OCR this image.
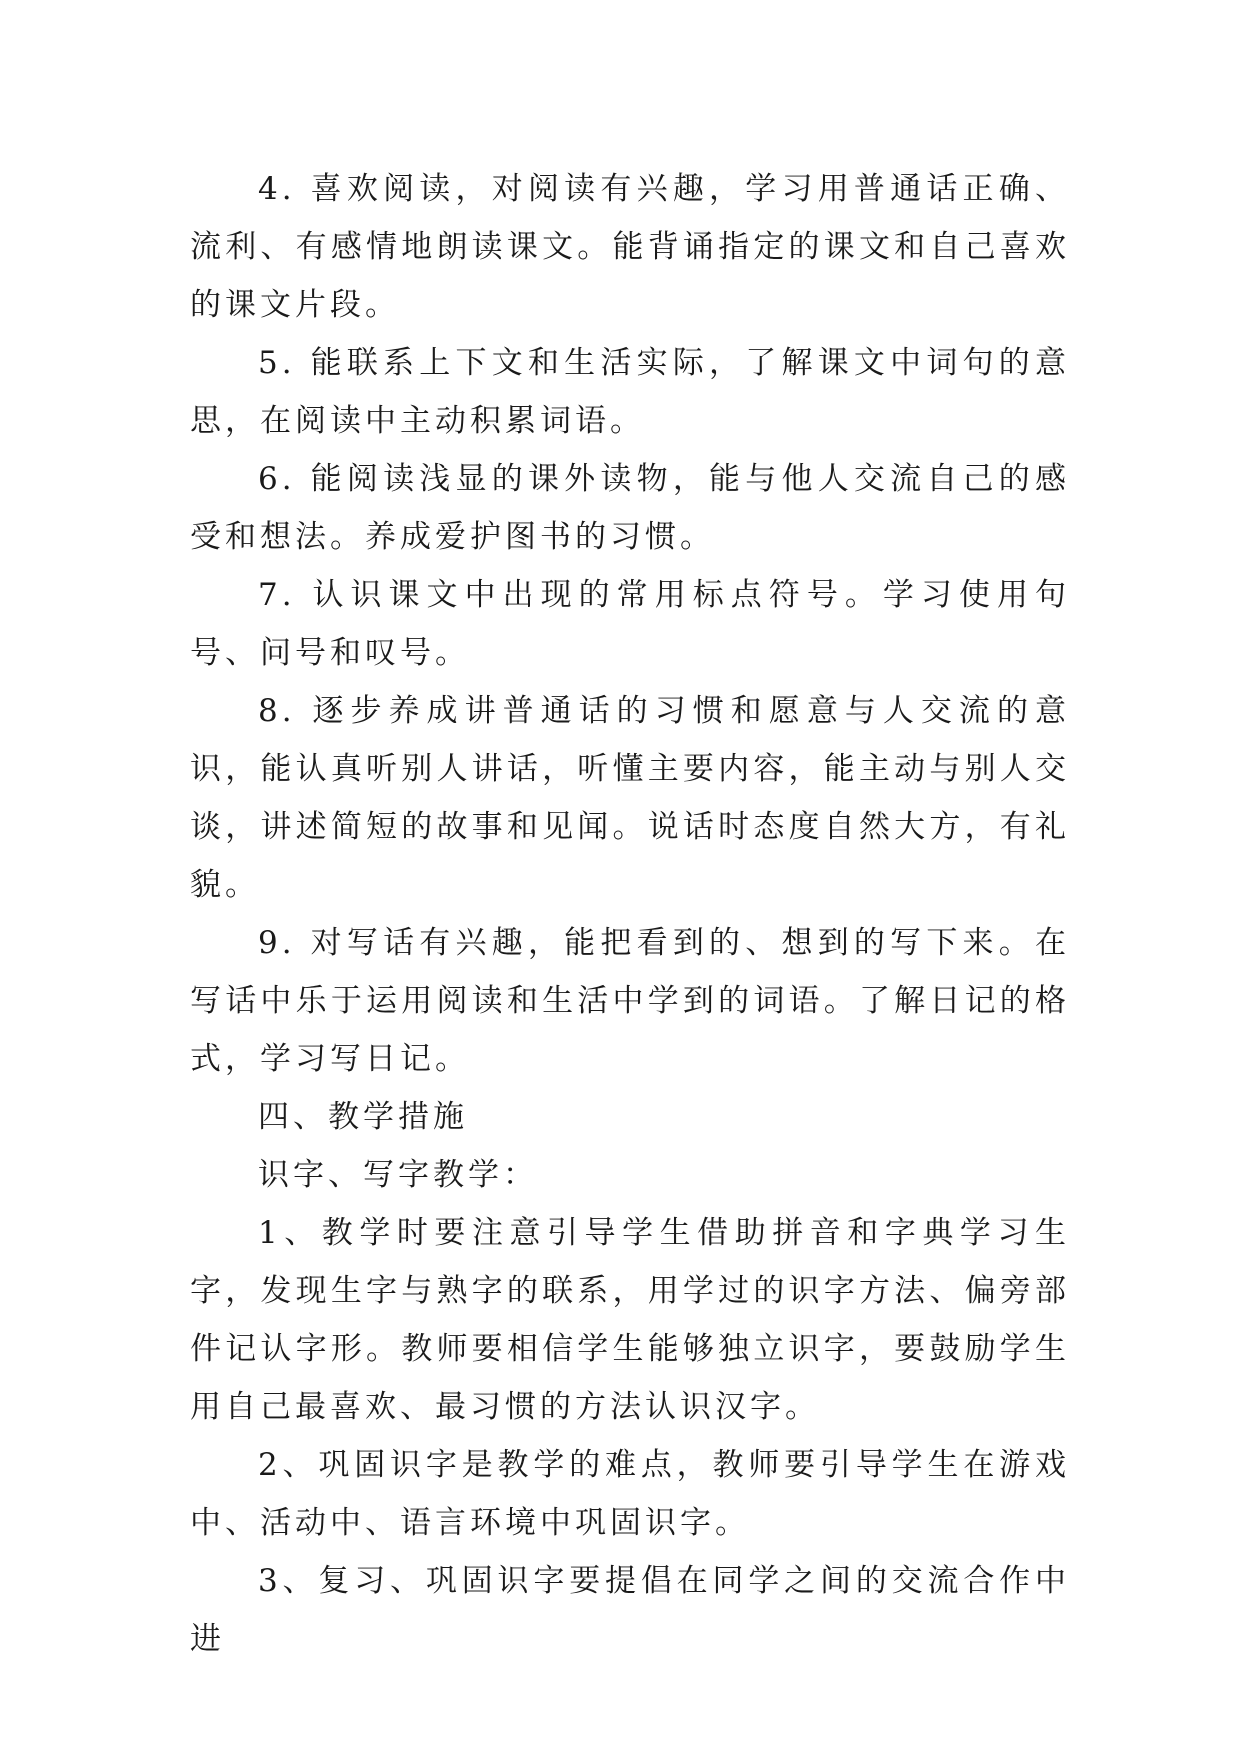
4. 喜欢阅读，对阅读有兴趣，学习用普通话正确、流利、有感情地朗读课文。能背诵指定的课文和自己喜欢的课文片段。

5. 能联系上下文和生活实际，了解课文中词句的意思，在阅读中主动积累词语。

6. 能阅读浅显的课外读物，能与他人交流自己的感受和想法。养成爱护图书的习惯。

7. 认识课文中出现的常用标点符号。学习使用句号、问号和叹号。

8. 逐步养成讲普通话的习惯和愿意与人交流的意识，能认真听别人讲话，听懂主要内容，能主动与别人交谈，讲述简短的故事和见闻。说话时态度自然大方，有礼貌。

9. 对写话有兴趣，能把看到的、想到的写下来。在写话中乐于运用阅读和生活中学到的词语。了解日记的格式，学习写日记。

四、教学措施

识字、写字教学：

1、教学时要注意引导学生借助拼音和字典学习生字，发现生字与熟字的联系，用学过的识字方法、偏旁部件记认字形。教师要相信学生能够独立识字，要鼓励学生用自己最喜欢、最习惯的方法认识汉字。

2、巩固识字是教学的难点，教师要引导学生在游戏中、活动中、语言环境中巩固识字。

3、复习、巩固识字要提倡在同学之间的交流合作中进
